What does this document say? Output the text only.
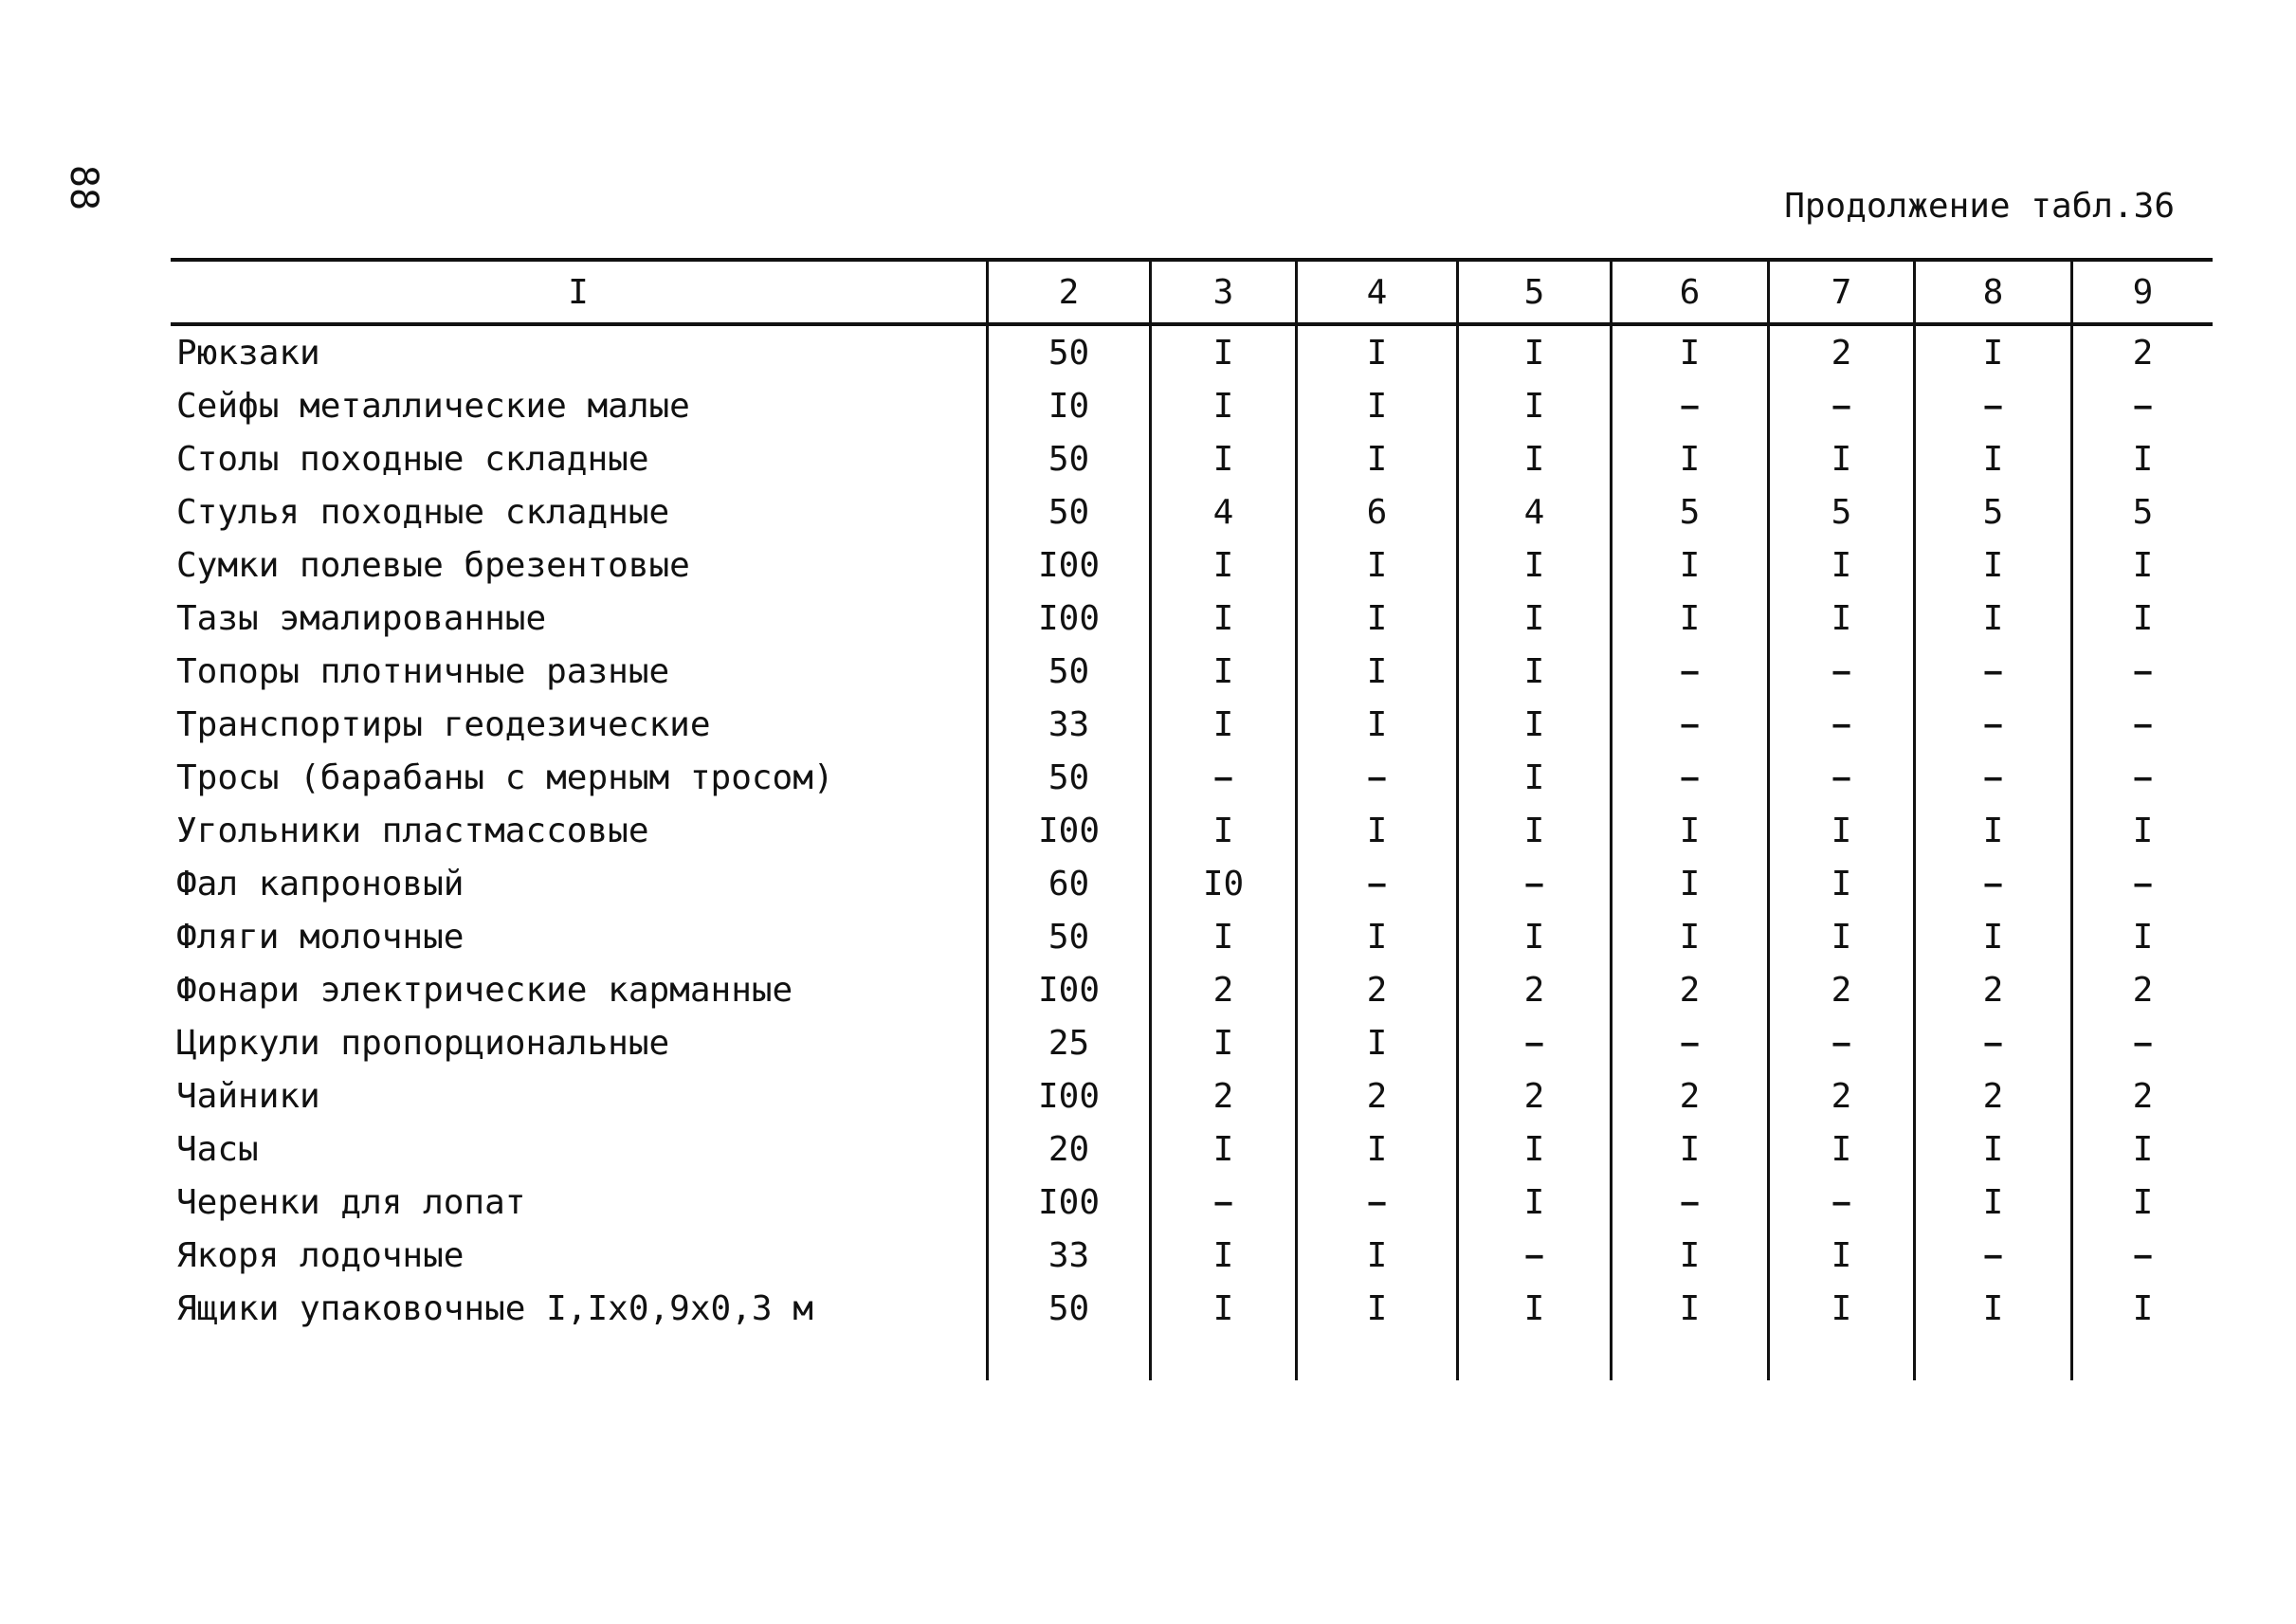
88	Продолжение табл.36
I	2	3	4	5	6	7	8	9
Рюкзаки	50	I	I	I	I	2	I	2
Сейфы металлические малые	I0	I	I	I	–	–	–	–
Столы походные складные	50	I	I	I	I	I	I	I
Стулья походные складные	50	4	6	4	5	5	5	5
Сумки полевые брезентовые	I00	I	I	I	I	I	I	I
Тазы эмалированные	I00	I	I	I	I	I	I	I
Топоры плотничные разные	50	I	I	I	–	–	–	–
Транспортиры геодезические	33	I	I	I	–	–	–	–
Тросы (барабаны с мерным тросом)	50	–	–	I	–	–	–	–
Угольники пластмассовые	I00	I	I	I	I	I	I	I
Фал капроновый	60	I0	–	–	I	I	–	–
Фляги молочные	50	I	I	I	I	I	I	I
Фонари электрические карманные	I00	2	2	2	2	2	2	2
Циркули пропорциональные	25	I	I	–	–	–	–	–
Чайники	I00	2	2	2	2	2	2	2
Часы	20	I	I	I	I	I	I	I
Черенки для лопат	I00	–	–	I	–	–	I	I
Якоря лодочные	33	I	I	–	I	I	–	–
Ящики упаковочные I,Ix0,9x0,3 м	50	I	I	I	I	I	I	I
